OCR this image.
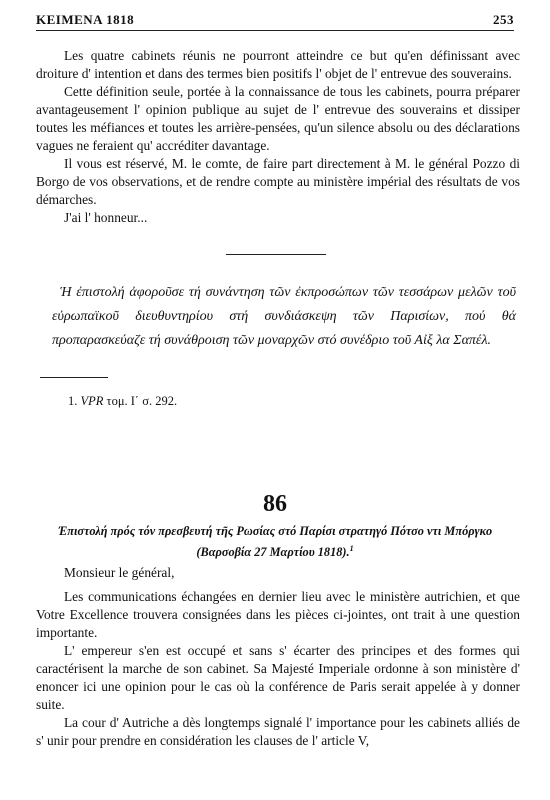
KEIMENA 1818	253

Les quatre cabinets réunis ne pourront atteindre ce but qu'en définissant avec droiture d' intention et dans des termes bien positifs l' objet de l' entrevue des souverains.

Cette définition seule, portée à la connaissance de tous les cabinets, pourra préparer avantageusement l' opinion publique au sujet de l' entrevue des souverains et dissiper toutes les méfiances et toutes les arrière-pensées, qu'un silence absolu ou des déclarations vagues ne feraient qu' accréditer davantage.

Il vous est réservé, M. le comte, de faire part directement à M. le général Pozzo di Borgo de vos observations, et de rendre compte au ministère impérial des résultats de vos démarches.

J'ai l' honneur...

Ἡ ἐπιστολή ἀφοροῦσε τή συνάντηση τῶν ἐκπροσώπων τῶν τεσσάρων μελῶν τοῦ εὐρωπαϊκοῦ διευθυντηρίου στή συνδιάσκεψη τῶν Παρισίων, πού θά προπαρασκεύαζε τή συνάθροιση τῶν μοναρχῶν στό συνέδριο τοῦ Αἰξ λα Σαπέλ.

1. VPR τομ. Ι΄ σ. 292.
86
Ἐπιστολή πρός τόν πρεσβευτή τῆς Ρωσίας στό Παρίσι στρατηγό Πότσο ντι Μπόργκο (Βαρσοβία 27 Μαρτίου 1818).$^1$
Monsieur le général,

Les communications échangées en dernier lieu avec le ministère autrichien, et que Votre Excellence trouvera consignées dans les pièces ci-jointes, ont trait à une question importante.

L' empereur s'en est occupé et sans s' écarter des principes et des formes qui caractérisent la marche de son cabinet. Sa Majesté Imperiale ordonne à son ministère d' enoncer ici une opinion pour le cas où la conférence de Paris serait appelée à y donner suite.

La cour d' Autriche a dès longtemps signalé l' importance pour les cabinets alliés de s' unir pour prendre en considération les clauses de l' article V,
